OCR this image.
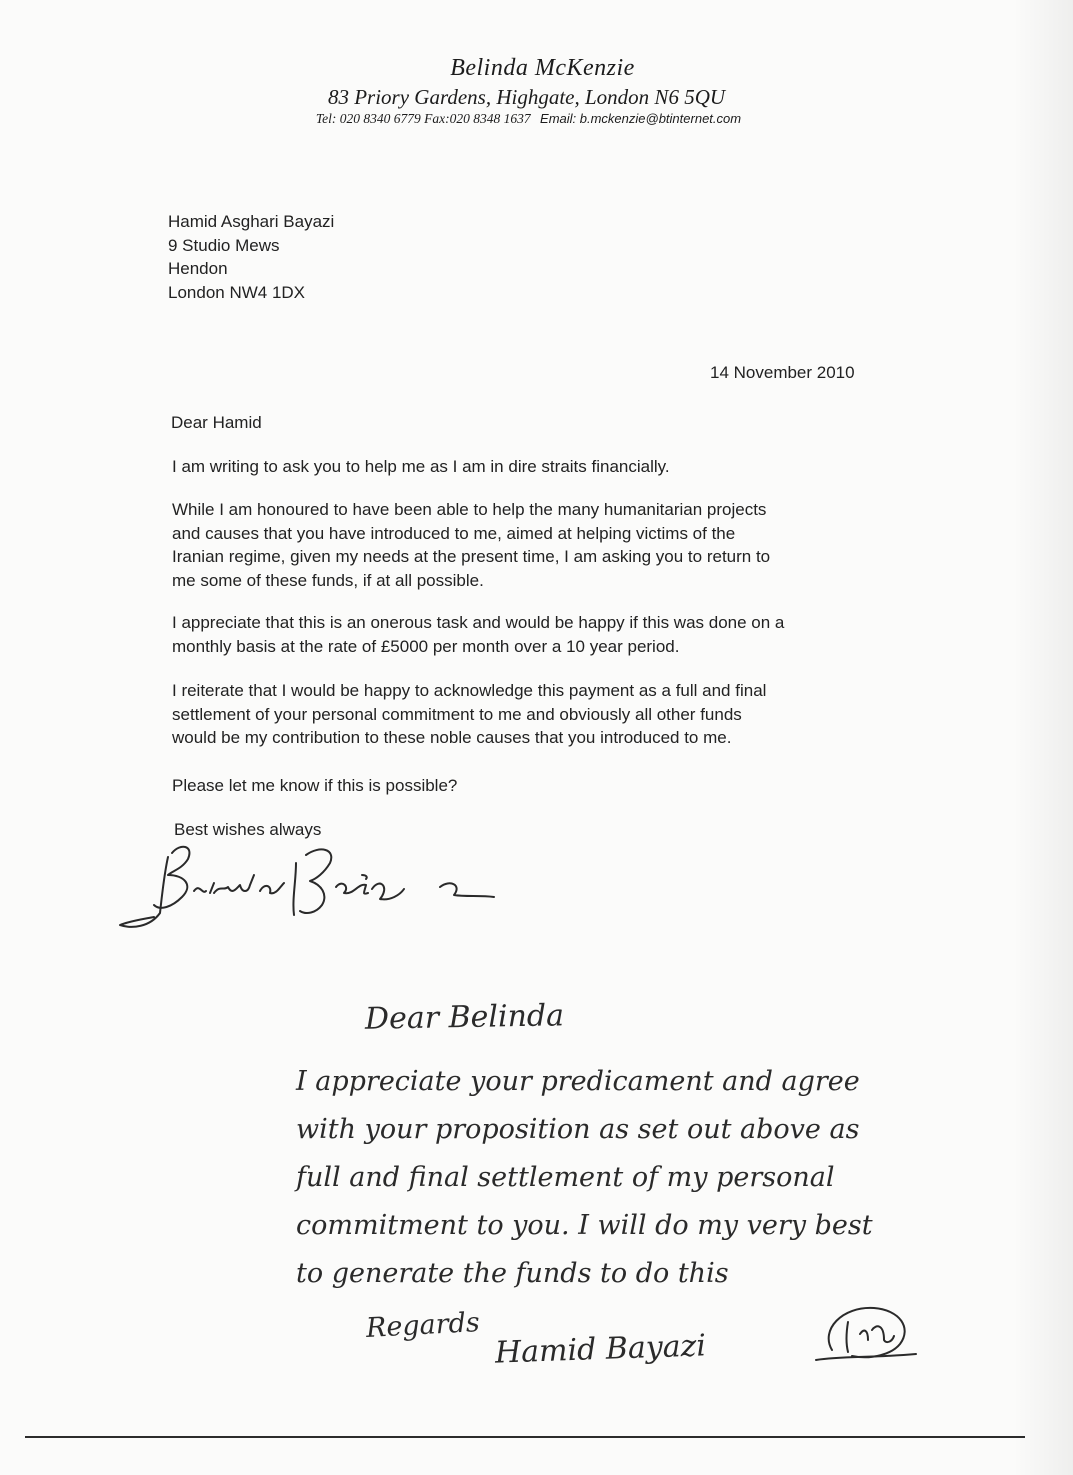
Belinda McKenzie
83 Priory Gardens, Highgate, London N6 5QU
Tel: 020 8340 6779 Fax:020 8348 1637 Email: b.mckenzie@btinternet.com
Hamid Asghari Bayazi
9 Studio Mews
Hendon
London NW4 1DX
14 November 2010
Dear Hamid
I am writing to ask you to help me as I am in dire straits financially.
While I am honoured to have been able to help the many humanitarian projects
and causes that you have introduced to me, aimed at helping victims of the
Iranian regime, given my needs at the present time, I am asking you to return to
me some of these funds, if at all possible.
I appreciate that this is an onerous task and would be happy if this was done on a
monthly basis at the rate of £5000 per month over a 10 year period.
I reiterate that I would be happy to acknowledge this payment as a full and final
settlement of your personal commitment to me and obviously all other funds
would be my contribution to these noble causes that you introduced to me.
Please let me know if this is possible?
Best wishes always
Dear Belinda
I appreciate your predicament and agree
with your proposition as set out above as
full and final settlement of my personal
commitment to you. I will do my very best
to generate the funds to do this
Regards
Hamid Bayazi
